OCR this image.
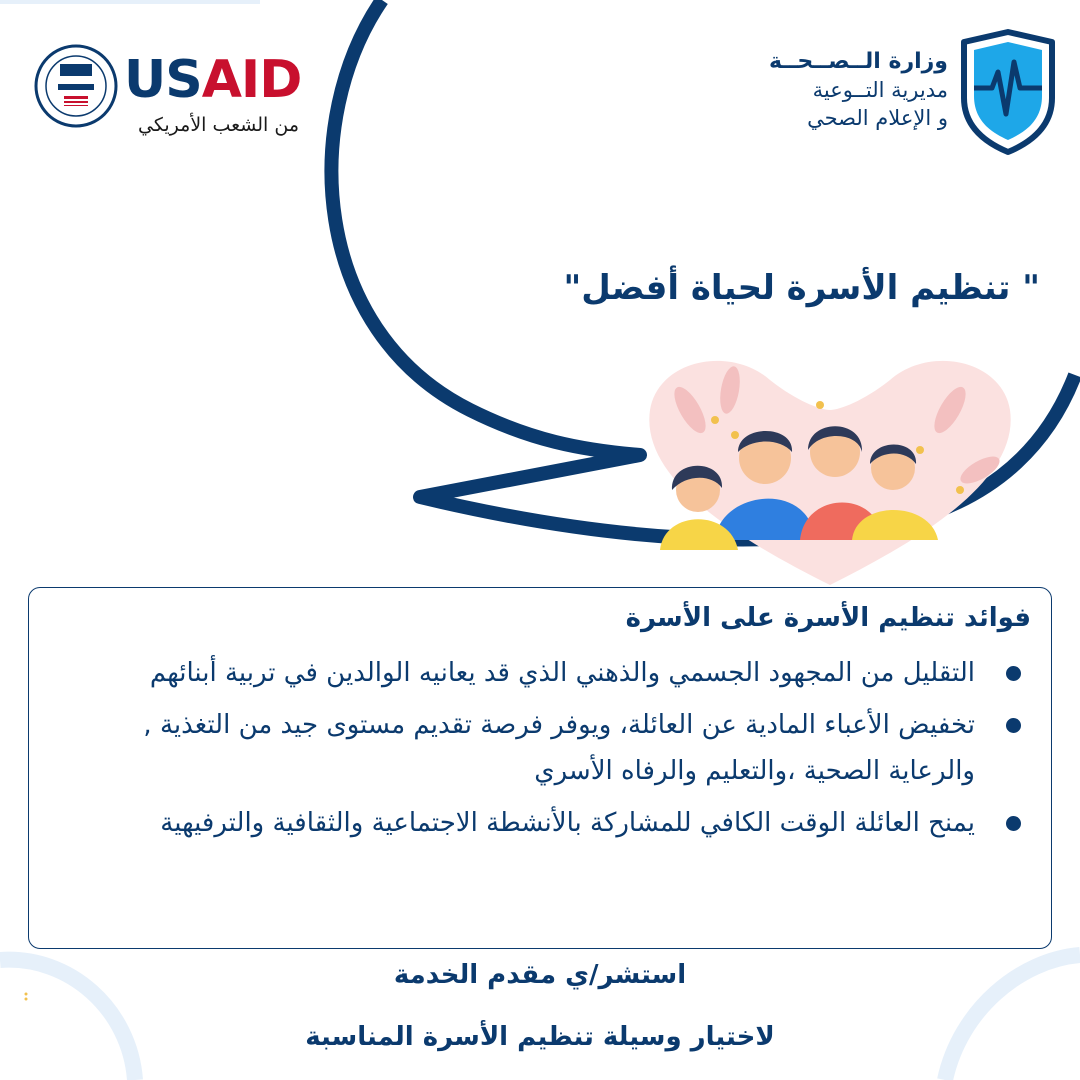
USAID
من الشعب الأمريكي
وزارة الــصــحــة
مديرية التــوعية
و الإعلام الصحي
" تنظيم الأسرة لحياة أفضل"
فوائد تنظيم الأسرة على الأسرة
التقليل من المجهود الجسمي والذهني الذي قد يعانيه الوالدين في تربية أبنائهم
تخفيض الأعباء المادية عن العائلة، ويوفر فرصة تقديم مستوى جيد من التغذية , والرعاية الصحية ،والتعليم والرفاه الأسري
يمنح العائلة الوقت الكافي للمشاركة بالأنشطة الاجتماعية والثقافية والترفيهية
استشر/ي مقدم الخدمة
لاختيار وسيلة تنظيم الأسرة المناسبة
